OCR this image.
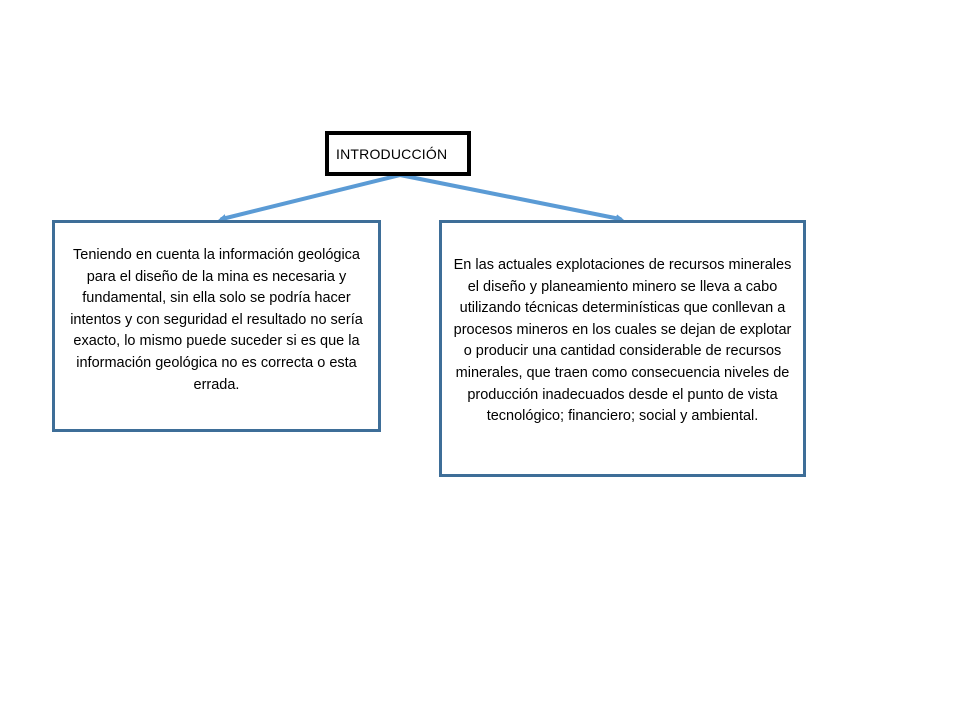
INTRODUCCIÓN
Teniendo en cuenta la información geológica para el diseño de la mina es necesaria y fundamental, sin ella solo se podría hacer intentos y con seguridad el resultado no sería exacto, lo mismo puede suceder si es que la información geológica no es correcta o esta errada.
En las actuales explotaciones de recursos minerales el diseño y planeamiento minero se lleva a cabo utilizando técnicas determinísticas que conllevan a procesos mineros en los cuales se dejan de explotar o producir una cantidad considerable de recursos minerales, que traen como consecuencia niveles de producción inadecuados desde el punto de vista tecnológico; financiero; social y ambiental.
